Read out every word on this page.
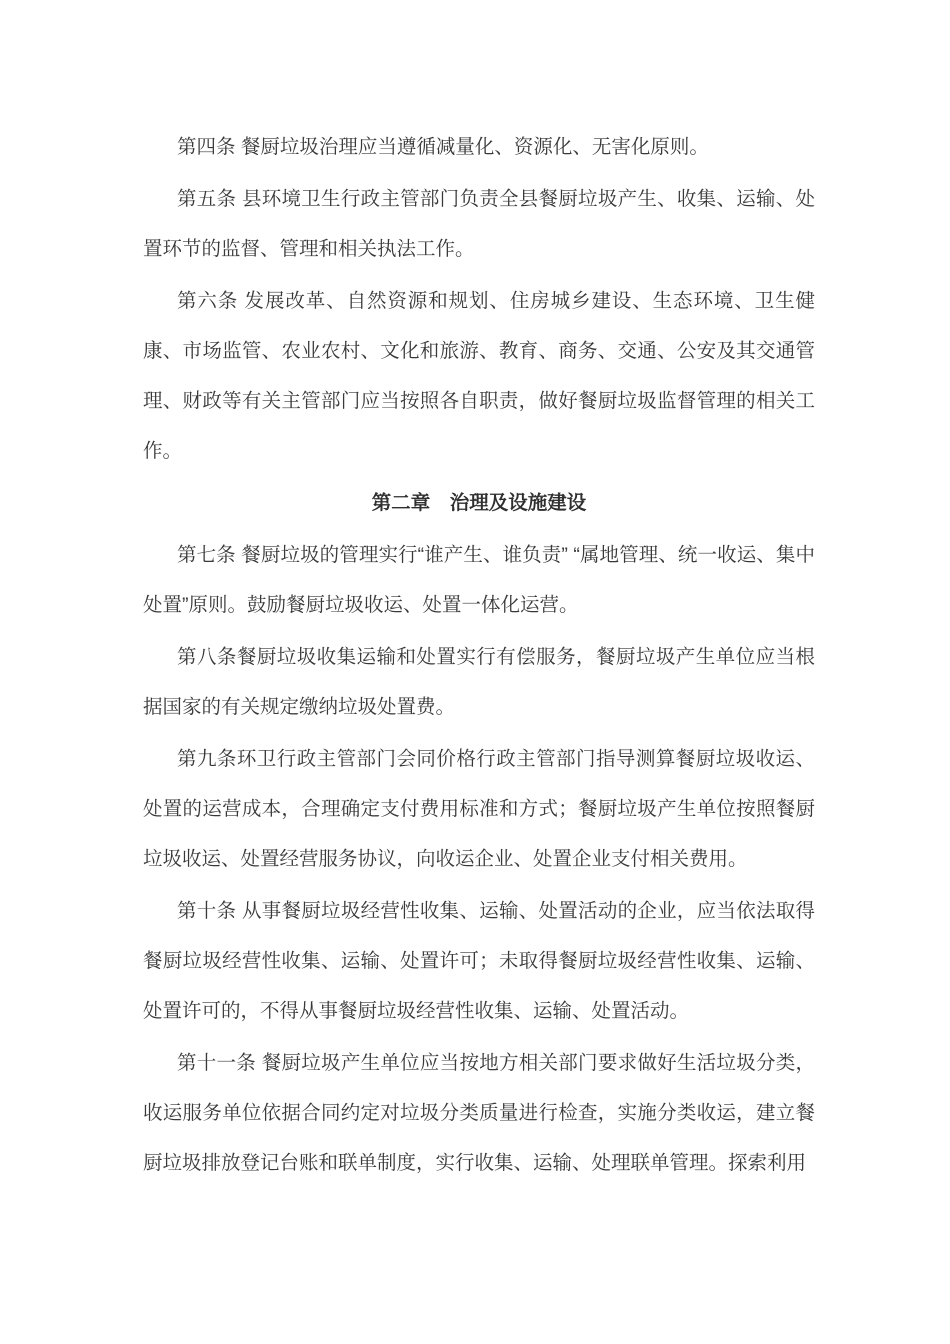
第四条 餐厨垃圾治理应当遵循减量化、资源化、无害化原则。

第五条 县环境卫生行政主管部门负责全县餐厨垃圾产生、收集、运输、处置环节的监督、管理和相关执法工作。

第六条 发展改革、自然资源和规划、住房城乡建设、生态环境、卫生健康、市场监管、农业农村、文化和旅游、教育、商务、交通、公安及其交通管理、财政等有关主管部门应当按照各自职责，做好餐厨垃圾监督管理的相关工作。

第二章　治理及设施建设

第七条 餐厨垃圾的管理实行“谁产生、谁负责” “属地管理、统一收运、集中处置”原则。鼓励餐厨垃圾收运、处置一体化运营。

第八条餐厨垃圾收集运输和处置实行有偿服务，餐厨垃圾产生单位应当根据国家的有关规定缴纳垃圾处置费。

第九条环卫行政主管部门会同价格行政主管部门指导测算餐厨垃圾收运、处置的运营成本，合理确定支付费用标准和方式；餐厨垃圾产生单位按照餐厨垃圾收运、处置经营服务协议，向收运企业、处置企业支付相关费用。

第十条 从事餐厨垃圾经营性收集、运输、处置活动的企业，应当依法取得餐厨垃圾经营性收集、运输、处置许可；未取得餐厨垃圾经营性收集、运输、处置许可的，不得从事餐厨垃圾经营性收集、运输、处置活动。

第十一条 餐厨垃圾产生单位应当按地方相关部门要求做好生活垃圾分类，收运服务单位依据合同约定对垃圾分类质量进行检查，实施分类收运，建立餐厨垃圾排放登记台账和联单制度，实行收集、运输、处理联单管理。探索利用
